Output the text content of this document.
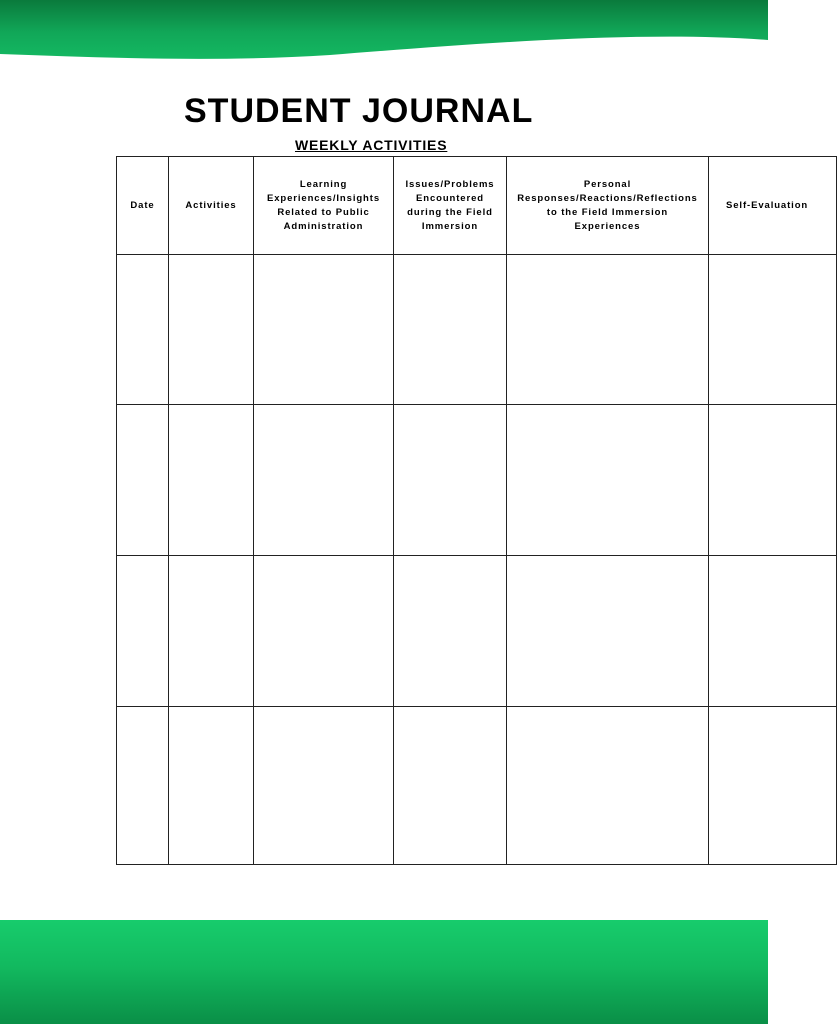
STUDENT JOURNAL
WEEKLY ACTIVITIES
Date	Activities	Learning Experiences/Insights Related to Public Administration	Issues/Problems Encountered during the Field Immersion	Personal Responses/Reactions/Reflections to the Field Immersion Experiences	Self-Evaluation
